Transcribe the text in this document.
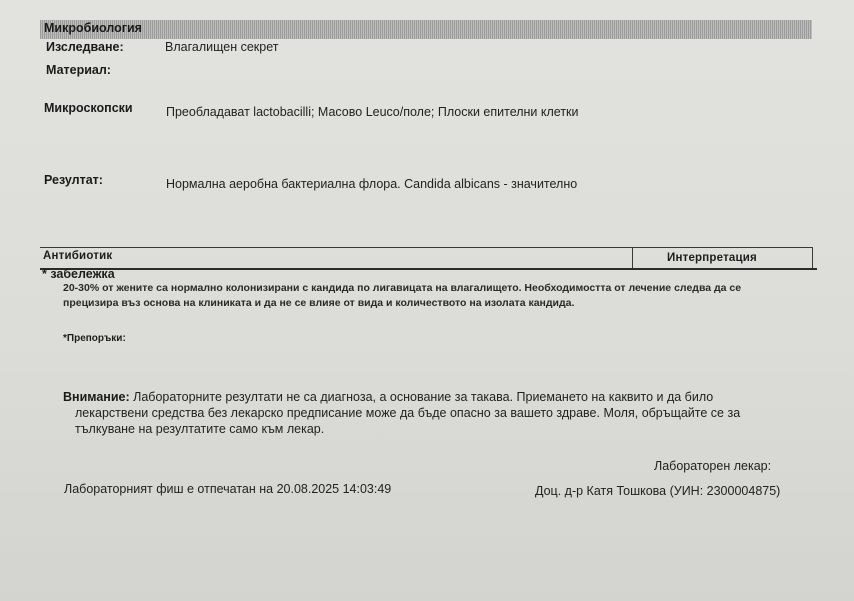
Микробиология
Изследване:	Влагалищен секрет
Материал:
Микроскопски	Преобладават lactobacilli; Масово Leuco/поле; Плоски епителни клетки
Резултат:	Нормална аеробна бактериална флора. Candida albicans - значително
Антибиотик	Интерпретация
* забележка
20-30% от жените са нормално колонизирани с кандида по лигавицата на влагалището. Необходимостта от лечение следва да се
прецизира въз основа на клиниката и да не се влияе от вида и количеството на изолата кандида.
*Препоръки:
Внимание: Лабораторните резултати не са диагноза, а основание за такава. Приемането на каквито и да било
лекарствени средства без лекарско предписание може да бъде опасно за вашето здраве. Моля, обръщайте се за
тълкуване на резултатите само към лекар.
Лабораторен лекар:
Лабораторният фиш е отпечатан на 20.08.2025 14:03:49	Доц. д-р Катя Тошкова (УИН: 2300004875)
